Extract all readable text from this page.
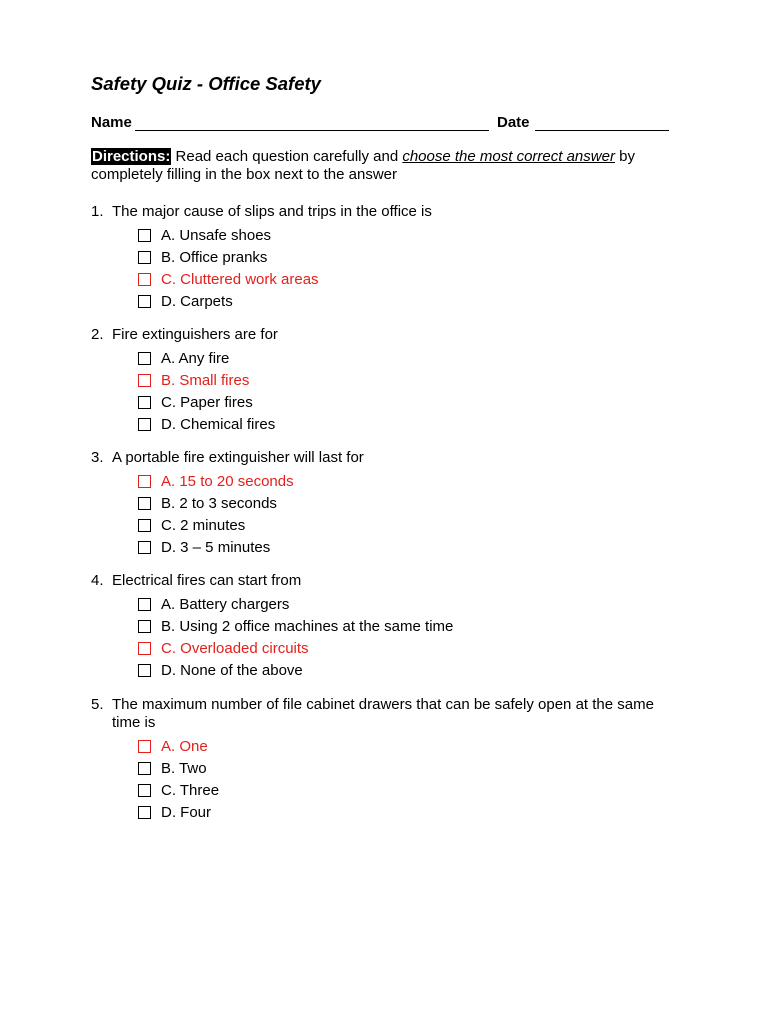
Safety Quiz - Office Safety
Name	Date
Directions: Read each question carefully and choose the most correct answer by completely filling in the box next to the answer
1. The major cause of slips and trips in the office is
A. Unsafe shoes
B. Office pranks
C. Cluttered work areas
D. Carpets
2. Fire extinguishers are for
A. Any fire
B. Small fires
C. Paper fires
D. Chemical fires
3. A portable fire extinguisher will last for
A. 15 to 20 seconds
B. 2 to 3 seconds
C. 2 minutes
D. 3 – 5 minutes
4. Electrical fires can start from
A. Battery chargers
B. Using 2 office machines at the same time
C. Overloaded circuits
D. None of the above
5. The maximum number of file cabinet drawers that can be safely open at the same time is
A. One
B. Two
C. Three
D. Four
